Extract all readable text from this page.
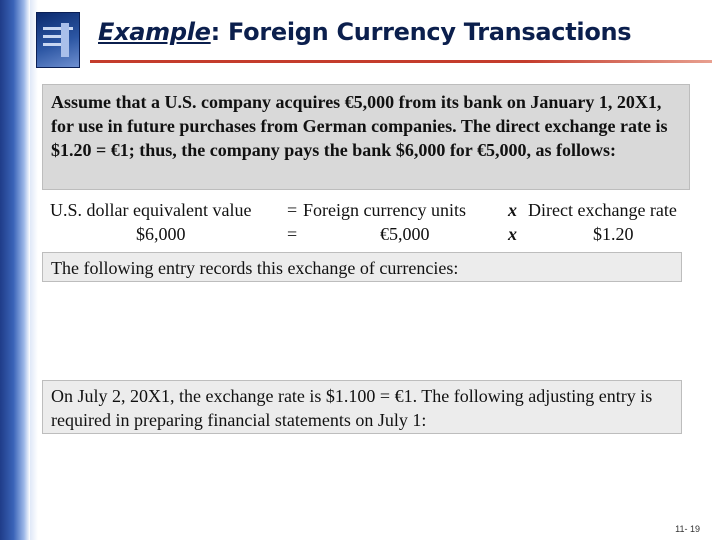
Example: Foreign Currency Transactions
Assume that a U.S. company acquires €5,000 from its bank on January 1, 20X1, for use in future purchases from German companies. The direct exchange rate is $1.20 = €1; thus, the company pays the bank $6,000 for €5,000, as follows:
U.S. dollar equivalent value = Foreign currency units x Direct exchange rate
$6,000	=	€5,000	x	$1.20
The following entry records this exchange of currencies:
On July 2, 20X1, the exchange rate is $1.100 = €1. The following adjusting entry is required in preparing financial statements on July 1:
11- 19
